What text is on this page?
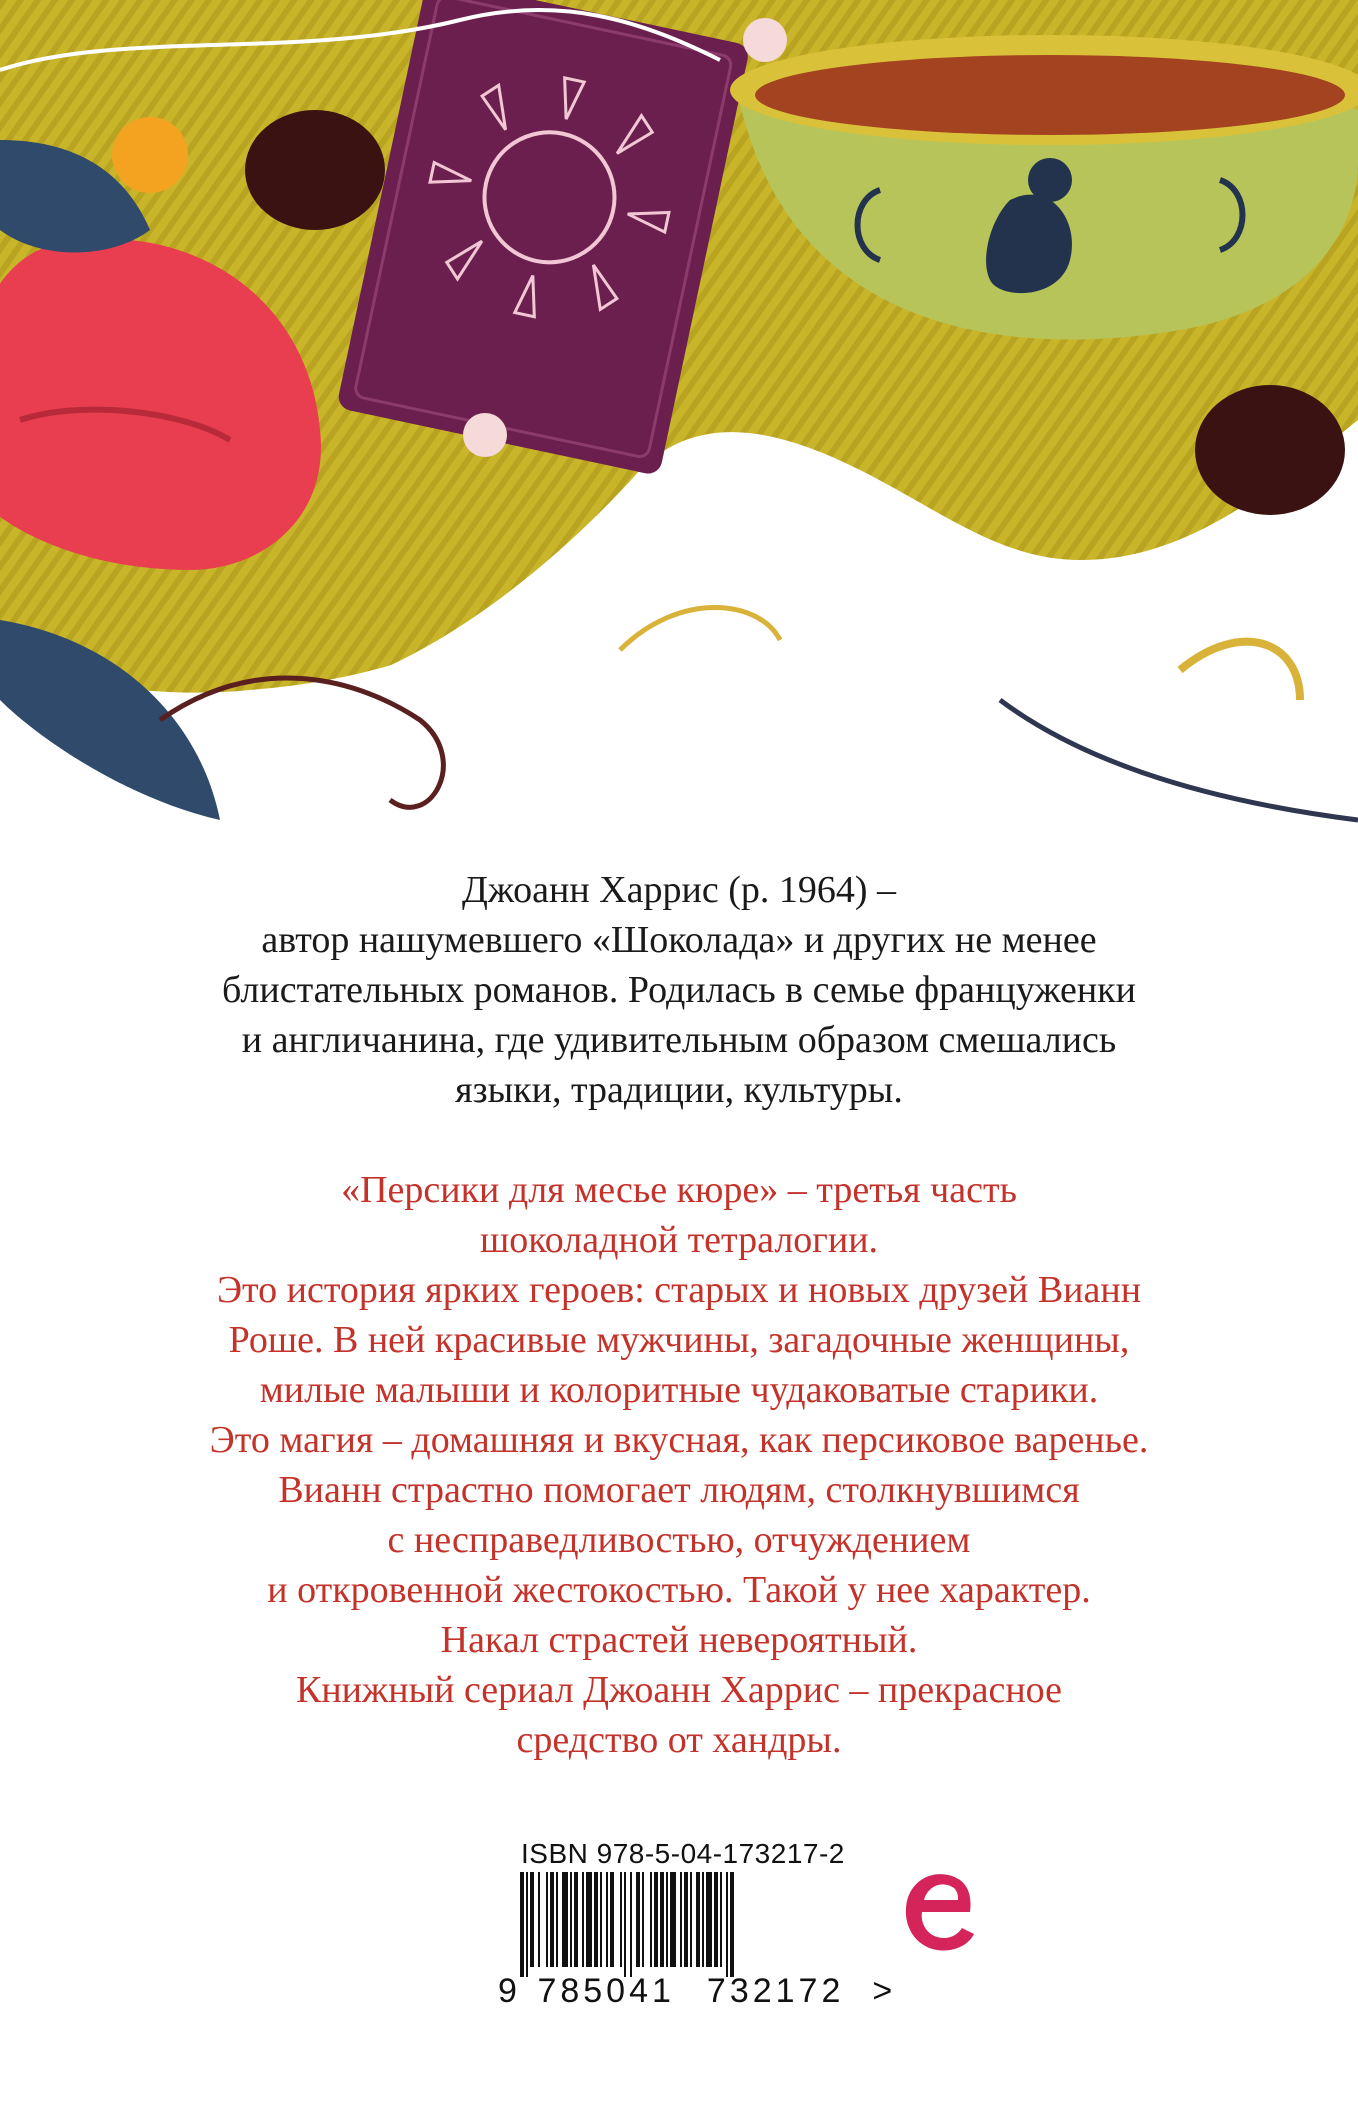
Джоанн Харрис (р. 1964) –
автор нашумевшего «Шоколада» и других не менее
блистательных романов. Родилась в семье француженки
и англичанина, где удивительным образом смешались
языки, традиции, культуры.
«Персики для месье кюре» – третья часть
шоколадной тетралогии.
Это история ярких героев: старых и новых друзей Вианн
Роше. В ней красивые мужчины, загадочные женщины,
милые малыши и колоритные чудаковатые старики.
Это магия – домашняя и вкусная, как персиковое варенье.
Вианн страстно помогает людям, столкнувшимся
с несправедливостью, отчуждением
и откровенной жестокостью. Такой у нее характер.
Накал страстей невероятный.
Книжный сериал Джоанн Харрис – прекрасное
средство от хандры.
ISBN 978-5-04-173217-2
9 785041 732172 >
